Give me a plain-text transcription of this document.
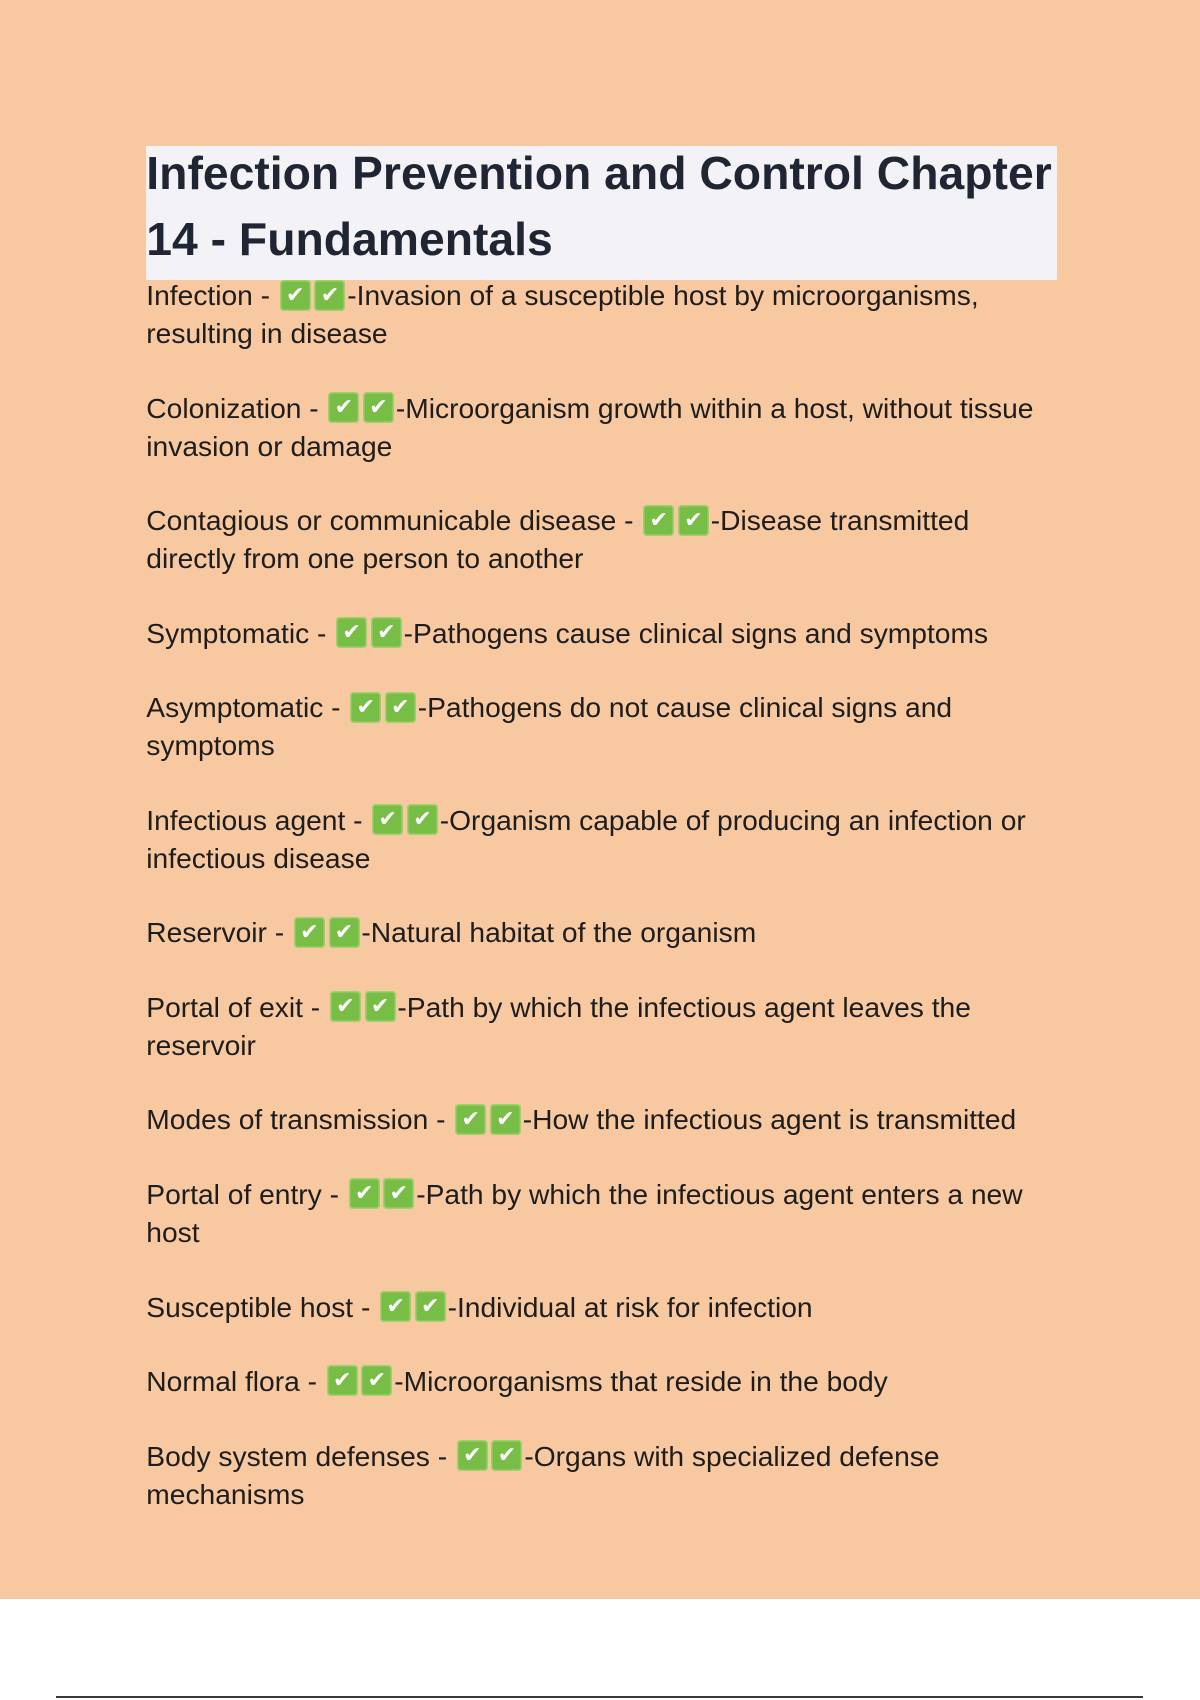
Infection Prevention and Control Chapter 14 - Fundamentals

Infection - ✔✔-Invasion of a susceptible host by microorganisms, resulting in disease

Colonization - ✔✔-Microorganism growth within a host, without tissue invasion or damage

Contagious or communicable disease - ✔✔-Disease transmitted directly from one person to another

Symptomatic - ✔✔-Pathogens cause clinical signs and symptoms

Asymptomatic - ✔✔-Pathogens do not cause clinical signs and symptoms

Infectious agent - ✔✔-Organism capable of producing an infection or infectious disease

Reservoir - ✔✔-Natural habitat of the organism

Portal of exit - ✔✔-Path by which the infectious agent leaves the reservoir

Modes of transmission - ✔✔-How the infectious agent is transmitted

Portal of entry - ✔✔-Path by which the infectious agent enters a new host

Susceptible host - ✔✔-Individual at risk for infection

Normal flora - ✔✔-Microorganisms that reside in the body

Body system defenses - ✔✔-Organs with specialized defense mechanisms
